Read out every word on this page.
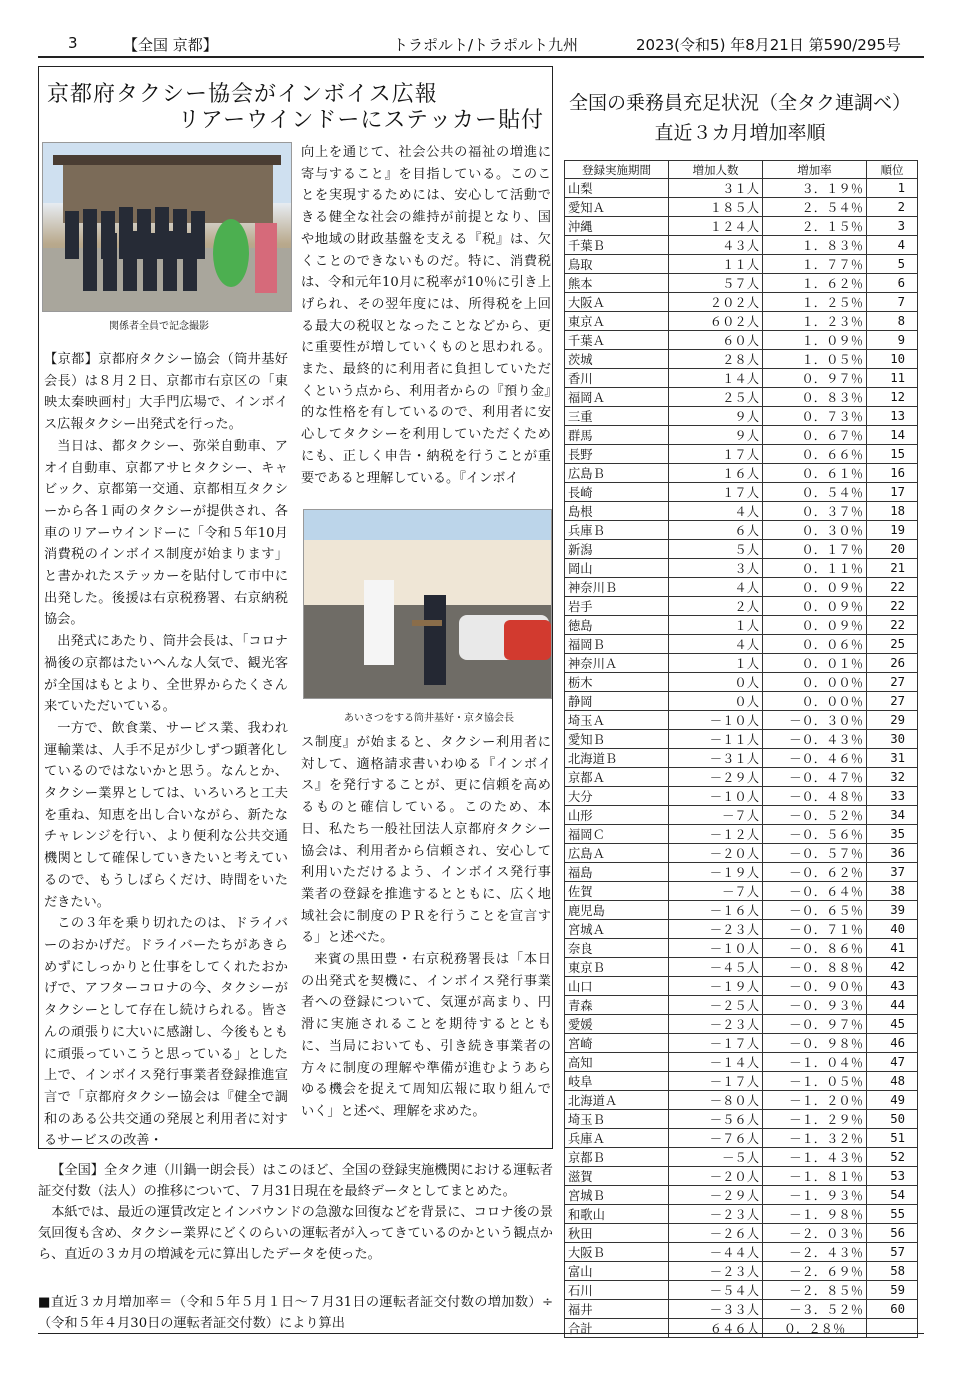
3	【全国 京都】	トラポルト/トラポルト九州	2023(令和5) 年8月21日 第590/295号
京都府タクシー協会がインボイス広報
リアーウインドーにステッカー貼付
関係者全員で記念撮影

【京都】京都府タクシー協会（筒井基好会長）は８月２日、京都市右京区の「東映太秦映画村」大手門広場で、インボイス広報タクシー出発式を行った。

当日は、都タクシー、弥栄自動車、アオイ自動車、京都アサヒタクシー、キャビック、京都第一交通、京都相互タクシーから各１両のタクシーが提供され、各車のリアーウインドーに「令和５年10月　消費税のインボイス制度が始まります」と書かれたステッカーを貼付して市中に出発した。後援は右京税務署、右京納税協会。

出発式にあたり、筒井会長は、「コロナ禍後の京都はたいへんな人気で、観光客が全国はもとより、全世界からたくさん来ていただいている。

一方で、飲食業、サービス業、我われ運輸業は、人手不足が少しずつ顕著化しているのではないかと思う。なんとか、タクシー業界としては、いろいろと工夫を重ね、知恵を出し合いながら、新たなチャレンジを行い、より便利な公共交通機関として確保していきたいと考えているので、もうしばらくだけ、時間をいただきたい。

この３年を乗り切れたのは、ドライバーのおかげだ。ドライバーたちがあきらめずにしっかりと仕事をしてくれたおかげで、アフターコロナの今、タクシーがタクシーとして存在し続けられる。皆さんの頑張りに大いに感謝し、今後もともに頑張っていこうと思っている」とした上で、インボイス発行事業者登録推進宣言で「京都府タクシー協会は『健全で調和のある公共交通の発展と利用者に対するサービスの改善・

向上を通じて、社会公共の福祉の増進に寄与すること』を目指している。このことを実現するためには、安心して活動できる健全な社会の維持が前提となり、国や地域の財政基盤を支える『税』は、欠くことのできないものだ。特に、消費税は、令和元年10月に税率が10％に引き上げられ、その翌年度には、所得税を上回る最大の税収となったことなどから、更に重要性が増していくものと思われる。また、最終的に利用者に負担していただくという点から、利用者からの『預り金』的な性格を有しているので、利用者に安心してタクシーを利用していただくためにも、正しく申告・納税を行うことが重要であると理解している。『インボイ

あいさつをする筒井基好・京タ協会長

ス制度』が始まると、タクシー利用者に対して、適格請求書いわゆる『インボイス』を発行することが、更に信頼を高めるものと確信している。このため、本日、私たち一般社団法人京都府タクシー協会は、利用者から信頼され、安心して利用いただけるよう、インボイス発行事業者の登録を推進するとともに、広く地域社会に制度のＰＲを行うことを宣言する」と述べた。

来賓の黒田豊・右京税務署長は「本日の出発式を契機に、インボイス発行事業者への登録について、気運が高まり、円滑に実施されることを期待するとともに、当局においても、引き続き事業者の方々に制度の理解や準備が進むようあらゆる機会を捉えて周知広報に取り組んでいく」と述べ、理解を求めた。

【全国】全タク連（川鍋一朗会長）はこのほど、全国の登録実施機関における運転者証交付数（法人）の推移について、７月31日現在を最終データとしてまとめた。

本紙では、最近の運賃改定とインバウンドの急激な回復などを背景に、コロナ後の景気回復も含め、タクシー業界にどくのらいの運転者が入ってきているのかという観点から、直近の３カ月の増減を元に算出したデータを使った。

■直近３カ月増加率＝（令和５年５月１日～７月31日の運転者証交付数の増加数）÷（令和５年４月30日の運転者証交付数）により算出

全国の乗務員充足状況（全タク連調べ）
直近３カ月増加率順
登録実施期間	増加人数	増加率	順位
山梨	３１人	３．１９％	1
愛知Ａ	１８５人	２．５４％	2
沖縄	１２４人	２．１５％	3
千葉Ｂ	４３人	１．８３％	4
鳥取	１１人	１．７７％	5
熊本	５７人	１．６２％	6
大阪Ａ	２０２人	１．２５％	7
東京Ａ	６０２人	１．２３％	8
千葉Ａ	６０人	１．０９％	9
茨城	２８人	１．０５％	10
香川	１４人	０．９７％	11
福岡Ａ	２５人	０．８３％	12
三重	９人	０．７３％	13
群馬	９人	０．６７％	14
長野	１７人	０．６６％	15
広島Ｂ	１６人	０．６１％	16
長崎	１７人	０．５４％	17
島根	４人	０．３７％	18
兵庫Ｂ	６人	０．３０％	19
新潟	５人	０．１７％	20
岡山	３人	０．１１％	21
神奈川Ｂ	４人	０．０９％	22
岩手	２人	０．０９％	22
徳島	１人	０．０９％	22
福岡Ｂ	４人	０．０６％	25
神奈川Ａ	１人	０．０１％	26
栃木	０人	０．００％	27
静岡	０人	０．００％	27
埼玉Ａ	－１０人	－０．３０％	29
愛知Ｂ	－１１人	－０．４３％	30
北海道Ｂ	－３１人	－０．４６％	31
京都Ａ	－２９人	－０．４７％	32
大分	－１０人	－０．４８％	33
山形	－７人	－０．５２％	34
福岡Ｃ	－１２人	－０．５６％	35
広島Ａ	－２０人	－０．５７％	36
福島	－１９人	－０．６２％	37
佐賀	－７人	－０．６４％	38
鹿児島	－１６人	－０．６５％	39
宮城Ａ	－２３人	－０．７１％	40
奈良	－１０人	－０．８６％	41
東京Ｂ	－４５人	－０．８８％	42
山口	－１９人	－０．９０％	43
青森	－２５人	－０．９３％	44
愛媛	－２３人	－０．９７％	45
宮崎	－１７人	－０．９８％	46
高知	－１４人	－１．０４％	47
岐阜	－１７人	－１．０５％	48
北海道Ａ	－８０人	－１．２０％	49
埼玉Ｂ	－５６人	－１．２９％	50
兵庫Ａ	－７６人	－１．３２％	51
京都Ｂ	－５人	－１．４３％	52
滋賀	－２０人	－１．８１％	53
宮城Ｂ	－２９人	－１．９３％	54
和歌山	－２３人	－１．９８％	55
秋田	－２６人	－２．０３％	56
大阪Ｂ	－４４人	－２．４３％	57
富山	－２３人	－２．６９％	58
石川	－５４人	－２．８５％	59
福井	－３３人	－３．５２％	60
合計	６４６人	０．２８％	
